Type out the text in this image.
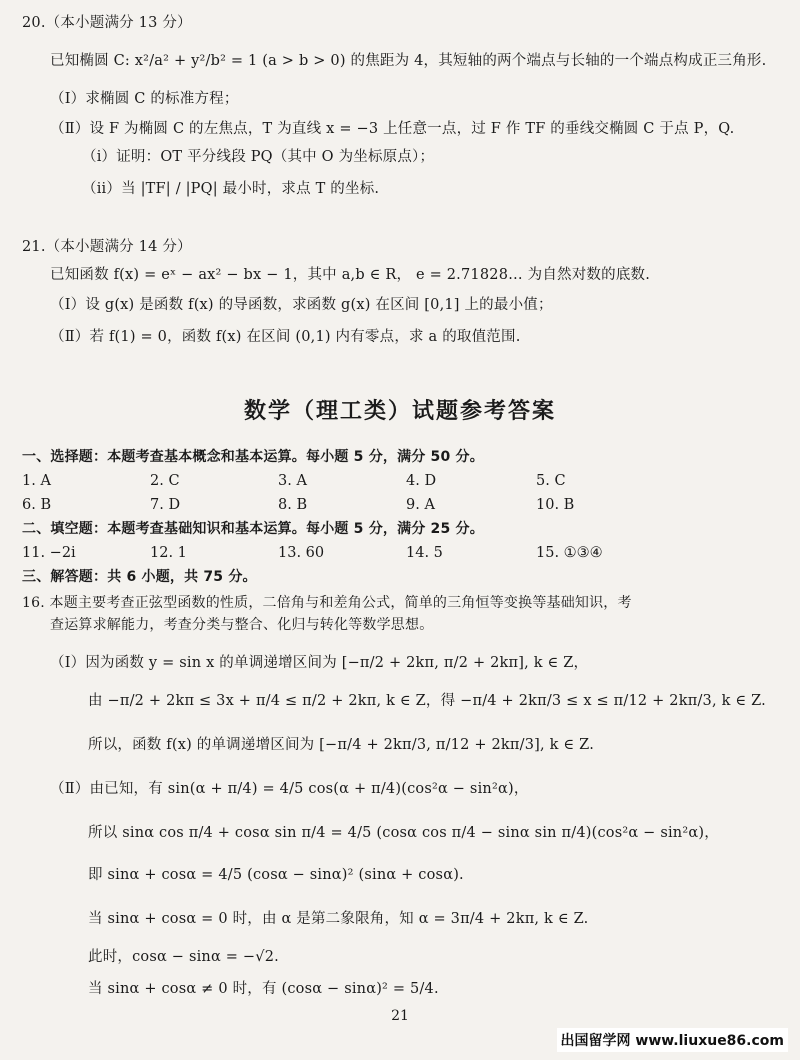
20.（本小题满分 13 分）
已知椭圆 C: x²/a² + y²/b² = 1 (a > b > 0) 的焦距为 4，其短轴的两个端点与长轴的一个端点构成正三角形.
（Ⅰ）求椭圆 C 的标准方程；
（Ⅱ）设 F 为椭圆 C 的左焦点，T 为直线 x = −3 上任意一点，过 F 作 TF 的垂线交椭圆 C 于点 P，Q.
（i）证明：OT 平分线段 PQ（其中 O 为坐标原点）；
（ii）当 |TF| / |PQ| 最小时，求点 T 的坐标.
21.（本小题满分 14 分）
已知函数 f(x) = eˣ − ax² − bx − 1，其中 a,b ∈ R， e = 2.71828… 为自然对数的底数.
（Ⅰ）设 g(x) 是函数 f(x) 的导函数，求函数 g(x) 在区间 [0,1] 上的最小值；
（Ⅱ）若 f(1) = 0，函数 f(x) 在区间 (0,1) 内有零点，求 a 的取值范围.
数学（理工类）试题参考答案
一、选择题：本题考查基本概念和基本运算。每小题 5 分，满分 50 分。
1. A	2. C	3. A	4. D	5. C
6. B	7. D	8. B	9. A	10. B
二、填空题：本题考查基础知识和基本运算。每小题 5 分，满分 25 分。
11. −2i	12. 1	13. 60	14. 5	15. ①③④
三、解答题：共 6 小题，共 75 分。
16. 本题主要考查正弦型函数的性质，二倍角与和差角公式，简单的三角恒等变换等基础知识，考
查运算求解能力，考查分类与整合、化归与转化等数学思想。
（Ⅰ）因为函数 y = sin x 的单调递增区间为 [−π/2 + 2kπ, π/2 + 2kπ], k ∈ Z，
由 −π/2 + 2kπ ≤ 3x + π/4 ≤ π/2 + 2kπ, k ∈ Z，得 −π/4 + 2kπ/3 ≤ x ≤ π/12 + 2kπ/3, k ∈ Z.
所以，函数 f(x) 的单调递增区间为 [−π/4 + 2kπ/3, π/12 + 2kπ/3], k ∈ Z.
（Ⅱ）由已知，有 sin(α + π/4) = 4/5 cos(α + π/4)(cos²α − sin²α)，
所以 sinα cos π/4 + cosα sin π/4 = 4/5 (cosα cos π/4 − sinα sin π/4)(cos²α − sin²α)，
即 sinα + cosα = 4/5 (cosα − sinα)² (sinα + cosα).
当 sinα + cosα = 0 时，由 α 是第二象限角，知 α = 3π/4 + 2kπ, k ∈ Z.
此时，cosα − sinα = −√2.
当 sinα + cosα ≠ 0 时，有 (cosα − sinα)² = 5/4.
21
出国留学网 www.liuxue86.com
